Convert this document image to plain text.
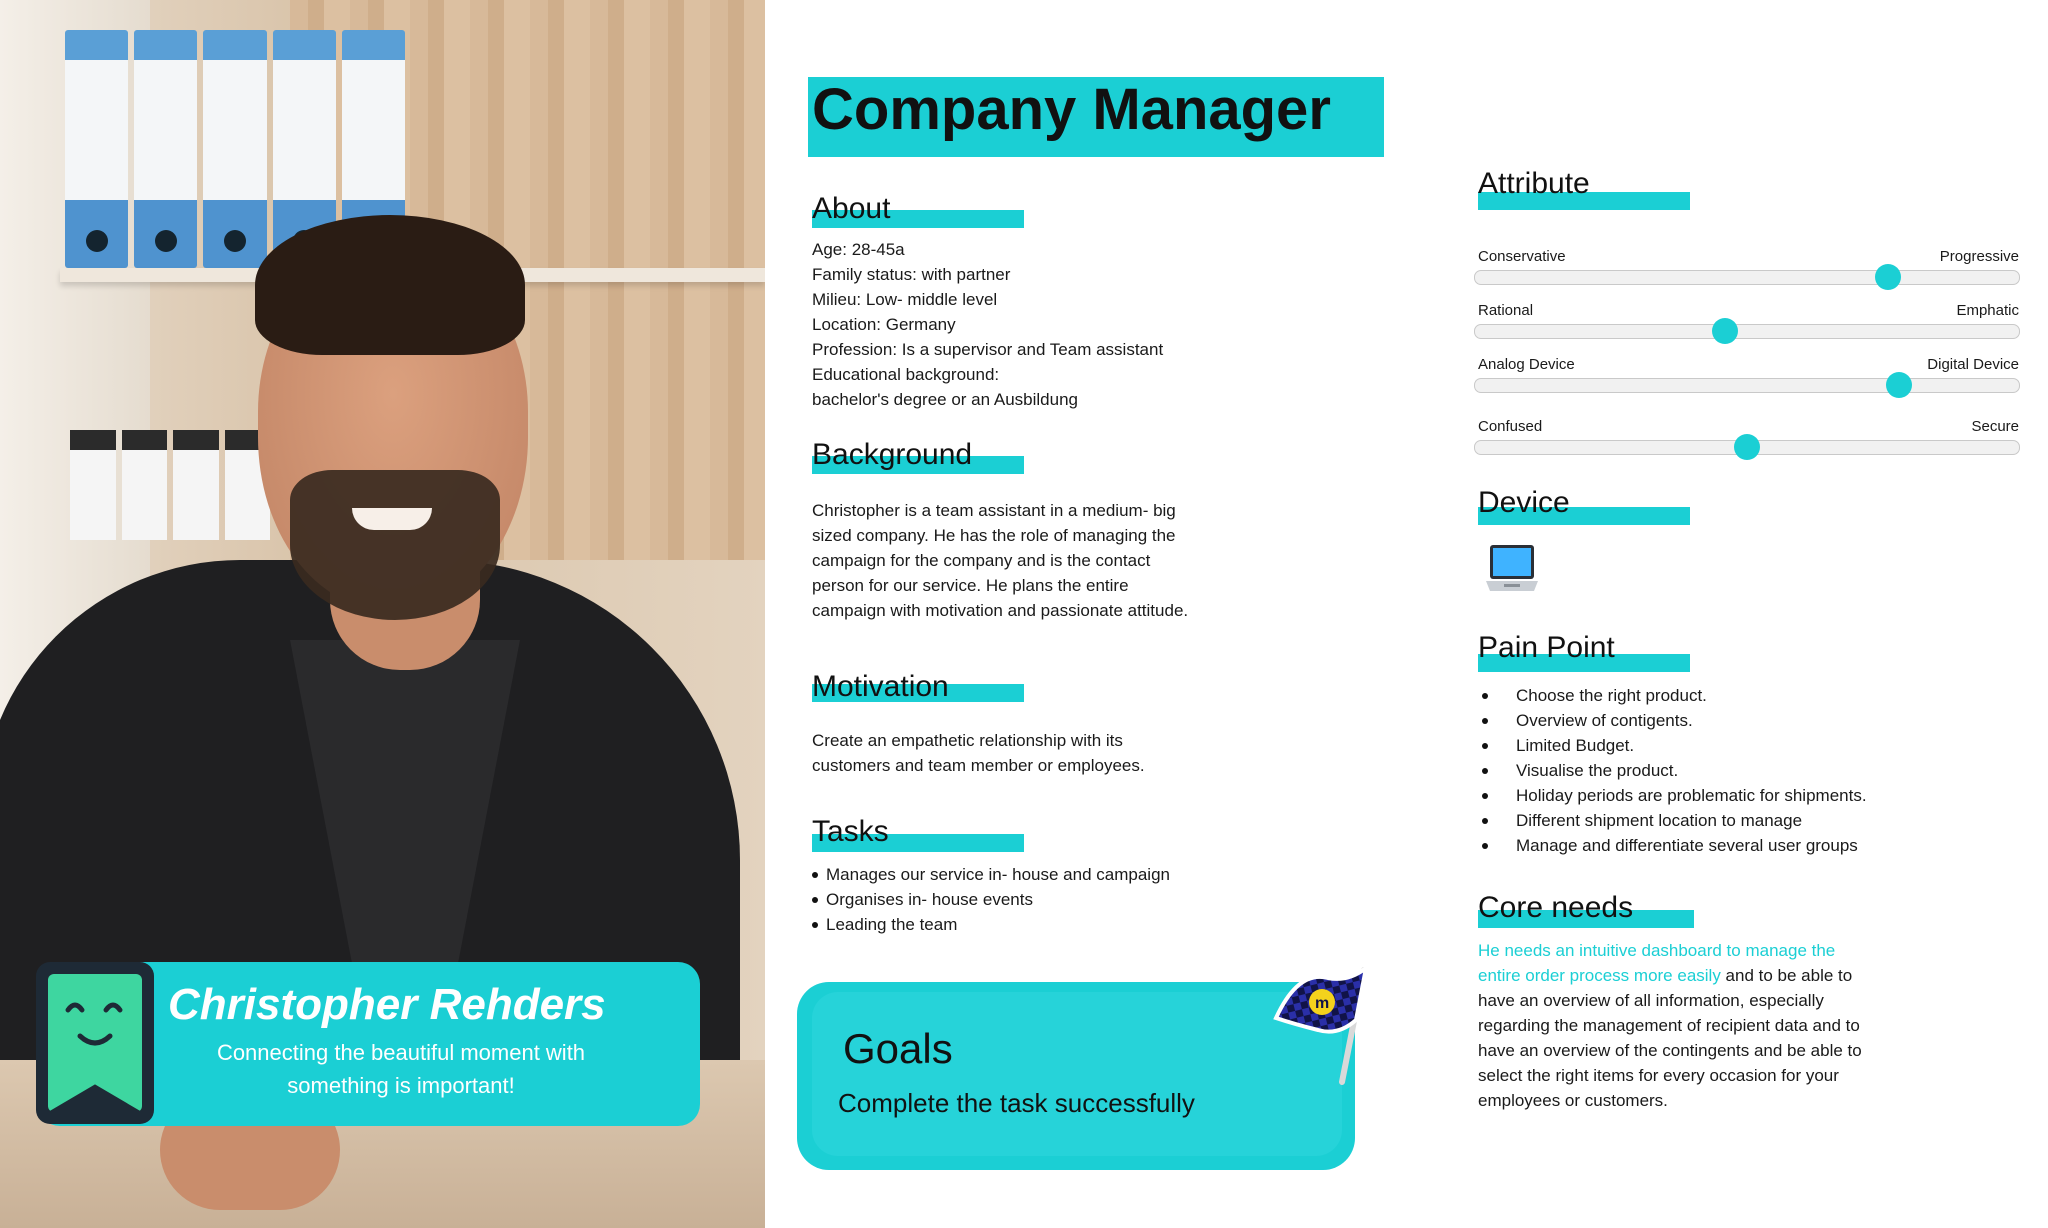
Christopher Rehders
Connecting the beautiful moment with something is important!
Company Manager
About
Age: 28-45a
Family status: with partner
Milieu: Low- middle level
Location: Germany
Profession: Is a supervisor and Team assistant
Educational background:
bachelor's degree or an Ausbildung
Background
Christopher is a team assistant in a medium- big sized company. He has the role of managing the campaign for the company and is the contact person for our service. He plans the entire campaign with motivation and passionate attitude.
Motivation
Create an empathetic relationship with its customers and team member or employees.
Tasks
Manages our service in- house and campaign
Organises in- house events
Leading the team
Goals
Complete the task successfully
m
Attribute
Conservative	Progressive
Rational	Emphatic
Analog Device	Digital Device
Confused	Secure
Device
Pain Point
Choose the right product.
Overview of contigents.
Limited Budget.
Visualise the product.
Holiday periods are problematic for shipments.
Different shipment location to manage
Manage and differentiate several user groups
Core needs
He needs an intuitive dashboard to manage the entire order process more easily and to be able to have an overview of all information, especially regarding the management of recipient data and to have an overview of the contingents and be able to select the right items for every occasion for your employees or customers.
